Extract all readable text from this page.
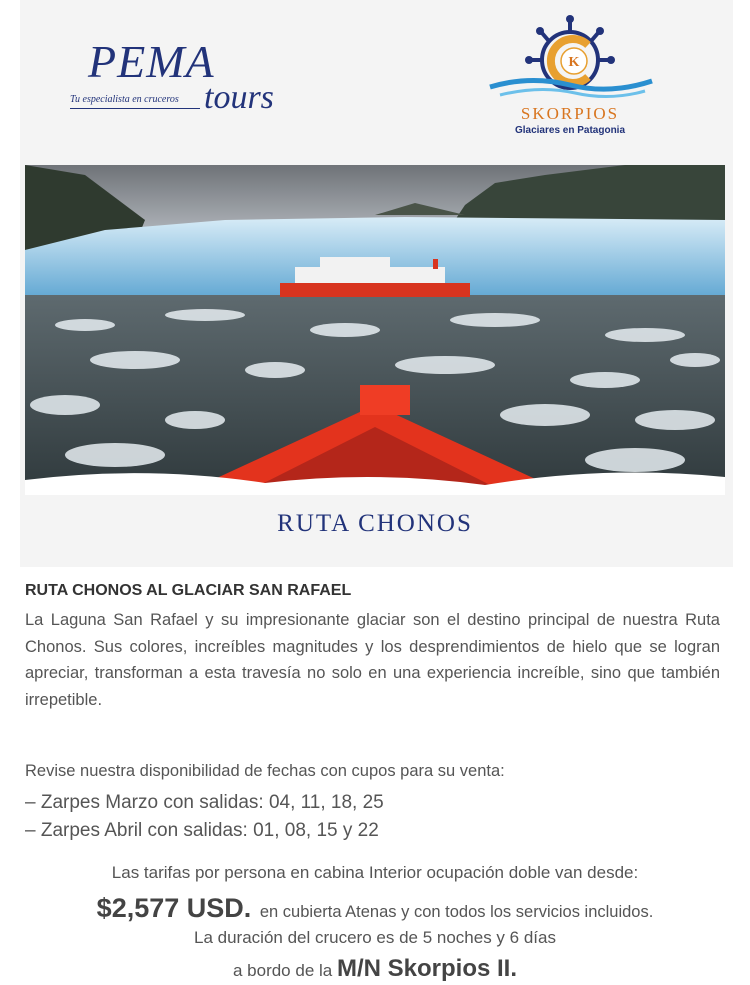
PEMA
Tu especialista en cruceros tours
K
SKORPIOS
Glaciares en Patagonia
RUTA CHONOS
RUTA CHONOS AL GLACIAR SAN RAFAEL

La Laguna San Rafael y su impresionante glaciar son el destino principal de nuestra Ruta Chonos. Sus colores, increíbles magnitudes y los desprendimientos de hielo que se logran apreciar, transforman a esta travesía no solo en una experiencia increíble, sino que también irrepetible.

Revise nuestra disponibilidad de fechas con cupos para su venta:
– Zarpes Marzo con salidas: 04, 11, 18, 25
– Zarpes Abril con salidas: 01, 08, 15 y 22
Las tarifas por persona en cabina Interior ocupación doble van desde:
$2,577 USD. en cubierta Atenas y con todos los servicios incluidos.
La duración del crucero es de 5 noches y 6 días
a bordo de la M/N Skorpios II.
